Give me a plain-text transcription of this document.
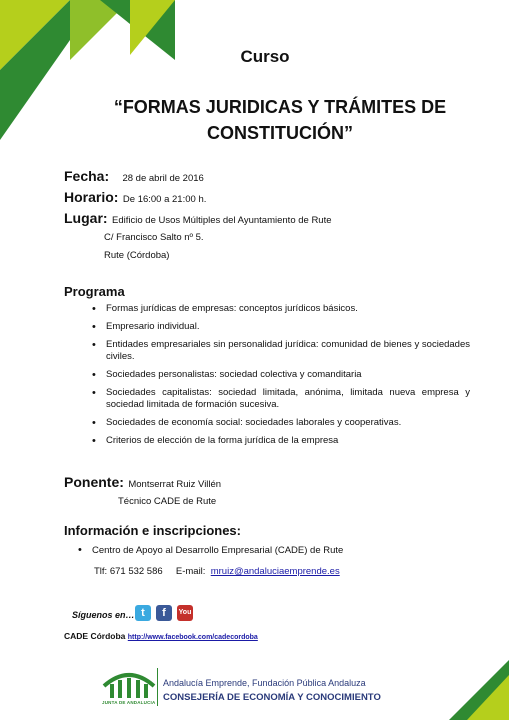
Curso
“FORMAS JURIDICAS Y TRÁMITES DE
CONSTITUCIÓN”
Fecha: 28 de abril de 2016
Horario: De 16:00 a 21:00 h.
Lugar: Edificio de Usos Múltiples del Ayuntamiento de Rute
C/ Francisco Salto nº 5.
Rute (Córdoba)
Programa
• Formas jurídicas de empresas: conceptos jurídicos básicos.
• Empresario individual.
• Entidades empresariales sin personalidad jurídica: comunidad de bienes y sociedades civiles.
• Sociedades personalistas: sociedad colectiva y comanditaria
• Sociedades capitalistas: sociedad limitada, anónima, limitada nueva empresa y sociedad limitada de formación sucesiva.
• Sociedades de economía social: sociedades laborales y cooperativas.
• Criterios de elección de la forma jurídica de la empresa
Ponente: Montserrat Ruiz Villén
Técnico CADE de Rute
Información e inscripciones:
• Centro de Apoyo al Desarrollo Empresarial (CADE) de Rute
Tlf: 671 532 586 E-mail: mruiz@andaluciaemprende.es
Síguenos en… t	f	You
CADE Córdoba http://www.facebook.com/cadecordoba
JUNTA DE ANDALUCIA
Andalucía Emprende, Fundación Pública Andaluza
CONSEJERÍA DE ECONOMÍA Y CONOCIMIENTO
